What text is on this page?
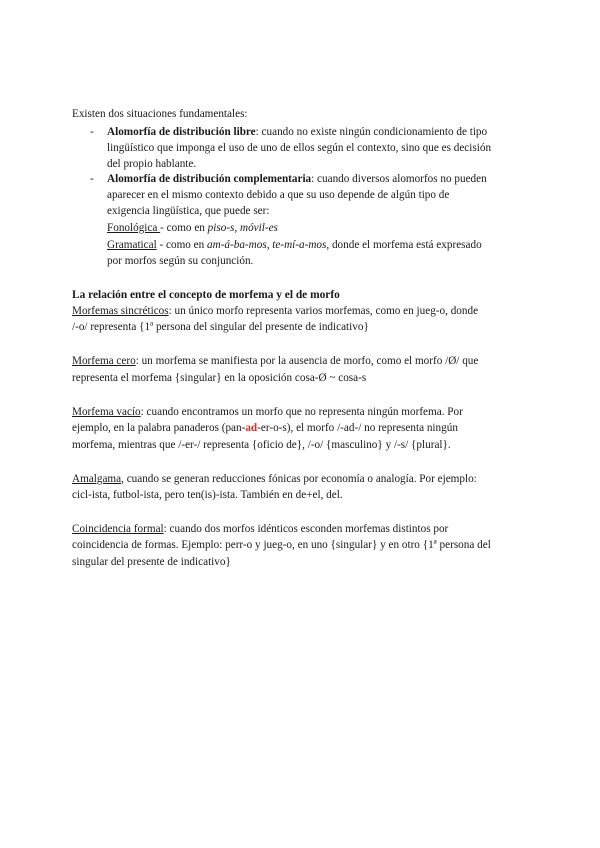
Existen dos situaciones fundamentales:
- Alomorfía de distribución libre: cuando no existe ningún condicionamiento de tipo
lingüístico que imponga el uso de uno de ellos según el contexto, sino que es decisión
del propio hablante.
- Alomorfía de distribución complementaria: cuando diversos alomorfos no pueden
aparecer en el mismo contexto debido a que su uso depende de algún tipo de
exigencia lingüística, que puede ser:
Fonológica - como en piso-s, móvil-es
Gramatical - como en am-á-ba-mos, te-mí-a-mos, donde el morfema está expresado
por morfos según su conjunción.
La relación entre el concepto de morfema y el de morfo
Morfemas sincréticos: un único morfo representa varios morfemas, como en jueg-o, donde
/-o/ representa {1ª persona del singular del presente de indicativo}
Morfema cero: un morfema se manifiesta por la ausencia de morfo, como el morfo /Ø/ que
representa el morfema {singular} en la oposición cosa-Ø ~ cosa-s
Morfema vacío: cuando encontramos un morfo que no representa ningún morfema. Por
ejemplo, en la palabra panaderos (pan-ad-er-o-s), el morfo /-ad-/ no representa ningún
morfema, mientras que /-er-/ representa {oficio de}, /-o/ {masculino} y /-s/ {plural}.
Amalgama, cuando se generan reducciones fónicas por economía o analogía. Por ejemplo:
cicl-ista, futbol-ista, pero ten(is)-ista. También en de+el, del.
Coincidencia formal: cuando dos morfos idénticos esconden morfemas distintos por
coincidencia de formas. Ejemplo: perr-o y jueg-o, en uno {singular} y en otro {1ª persona del
singular del presente de indicativo}
